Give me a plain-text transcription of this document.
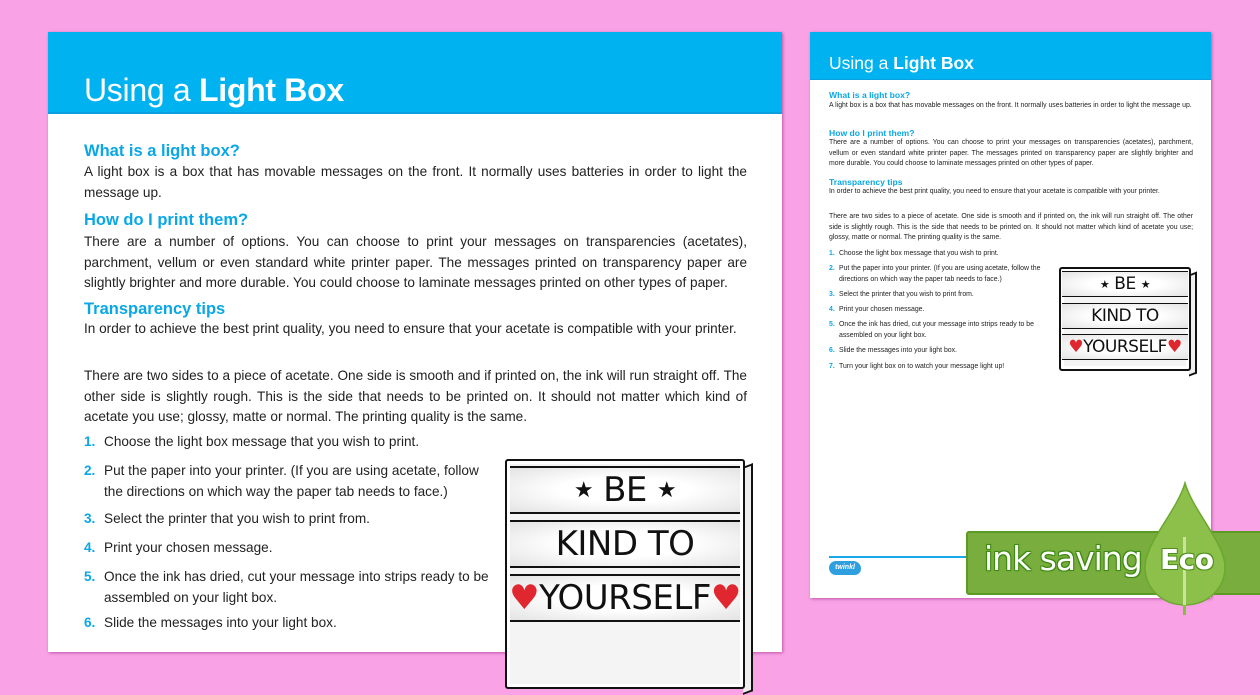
Using a Light Box
What is a light box?
A light box is a box that has movable messages on the front. It normally uses batteries in order to light the message up.
How do I print them?
There are a number of options. You can choose to print your messages on transparencies (acetates), parchment, vellum or even standard white printer paper. The messages printed on transparency paper are slightly brighter and more durable. You could choose to laminate messages printed on other types of paper.
Transparency tips
In order to achieve the best print quality, you need to ensure that your acetate is compatible with your printer.
There are two sides to a piece of acetate. One side is smooth and if printed on, the ink will run straight off. The other side is slightly rough. This is the side that needs to be printed on. It should not matter which kind of acetate you use; glossy, matte or normal. The printing quality is the same.
1. Choose the light box message that you wish to print.
2. Put the paper into your printer. (If you are using acetate, follow the directions on which way the paper tab needs to face.)
3. Select the printer that you wish to print from.
4. Print your chosen message.
5. Once the ink has dried, cut your message into strips ready to be assembled on your light box.
6. Slide the messages into your light box.
★ BE ★
KIND TO
♥ YOURSELF ♥
Using a Light Box
What is a light box?
A light box is a box that has movable messages on the front. It normally uses batteries in order to light the message up.
How do I print them?
There are a number of options. You can choose to print your messages on transparencies (acetates), parchment, vellum or even standard white printer paper. The messages printed on transparency paper are slightly brighter and more durable. You could choose to laminate messages printed on other types of paper.
Transparency tips
In order to achieve the best print quality, you need to ensure that your acetate is compatible with your printer.
There are two sides to a piece of acetate. One side is smooth and if printed on, the ink will run straight off. The other side is slightly rough. This is the side that needs to be printed on. It should not matter which kind of acetate you use; glossy, matte or normal. The printing quality is the same.
1. Choose the light box message that you wish to print.
2. Put the paper into your printer. (If you are using acetate, follow the directions on which way the paper tab needs to face.)
3. Select the printer that you wish to print from.
4. Print your chosen message.
5. Once the ink has dried, cut your message into strips ready to be assembled on your light box.
6. Slide the messages into your light box.
7. Turn your light box on to watch your message light up!
★ BE ★
KIND TO
♥ YOURSELF ♥
twinkl	ink saving Eco
